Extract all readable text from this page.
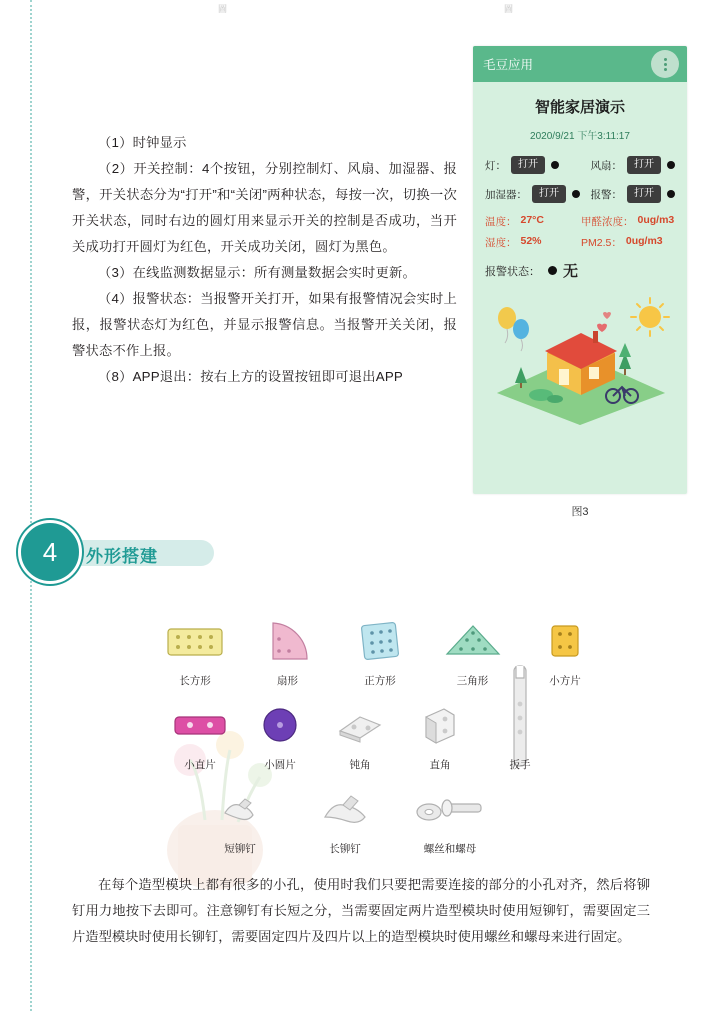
圖	圖

（1）时钟显示

（2）开关控制：4个按钮，分别控制灯、风扇、加湿器、报警，开关状态分为“打开”和“关闭”两种状态，每按一次，切换一次开关状态，同时右边的圆灯用来显示开关的控制是否成功，当开关成功打开圆灯为红色，开关成功关闭，圆灯为黑色。

（3）在线监测数据显示：所有测量数据会实时更新。

（4）报警状态：当报警开关打开，如果有报警情况会实时上报，报警状态灯为红色，并显示报警信息。当报警开关关闭，报警状态不作上报。

（8）APP退出：按右上方的设置按钮即可退出APP

毛豆应用
智能家居演示
2020/9/21 下午3:11:17
灯：	打开	风扇：	打开
加湿器：	打开	报警：	打开
温度： 27°C	甲醛浓度： 0ug/m3
湿度： 52%	PM2.5： 0ug/m3
报警状态： 无
图3
4	外形搭建
长方形	扇形	正方形	三角形	小方片
小直片	小圆片	钝角	直角	扳手
短铆钉	长铆钉	螺丝和螺母

在每个造型模块上都有很多的小孔，使用时我们只要把需要连接的部分的小孔对齐，然后将铆钉用力地按下去即可。注意铆钉有长短之分，当需要固定两片造型模块时使用短铆钉，需要固定三片造型模块时使用长铆钉，需要固定四片及四片以上的造型模块时使用螺丝和螺母来进行固定。
